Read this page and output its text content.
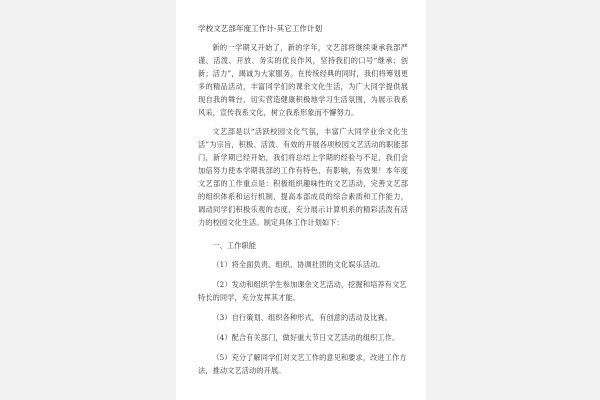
学校文艺部年度工作计-其它工作计划

新的一学期又开始了，新的学年，文艺部将继续秉承我部严谨、活泼、开放、务实的优良作风，坚持我们的口号“继承；创新；活力”，竭诚为大家服务。在传统经典的同时，我们将筹划更多的精品活动，丰富同学们的课余文化生活，为广大同学提供展现自我的舞台，切实营造健康积极地学习生活氛围，为展示我系风采，宣传我系文化，树立我系形象而不懈努力。

文艺部是以“活跃校园文化气氛，丰富广大同学业余文化生活”为宗旨，积极、活泼、有效的开展各项校园文艺活动的职能部门，新学期已经开始，我们将总结上学期的经验与不足，我们会加倍努力使本学期我部的工作有特色，有影响，有效果！本年度文艺部的工作重点是：积极组织趣味性的文艺活动，完善文艺部的组织体系和运行机制，提高本部成员的综合素质和工作能力，调动同学们积极乐观的态度，充分展示计算机系的精彩活泼有活力的校园文化生活。制定具体工作计划如下：

一、工作职能
（1）将全面负责、组织、协调社团的文化娱乐活动。
（2）发动和组织学生参加课余文艺活动，挖掘和培养有文艺特长的同学，充分发挥其才能。
（3）自行策划、组织各种形式，有创意的活动及比赛。
（4）配合有关部门，做好重大节日文艺活动的组织工作。
（5）充分了解同学们对文艺工作的意见和要求，改进工作方法，推动文艺活动的开展。
